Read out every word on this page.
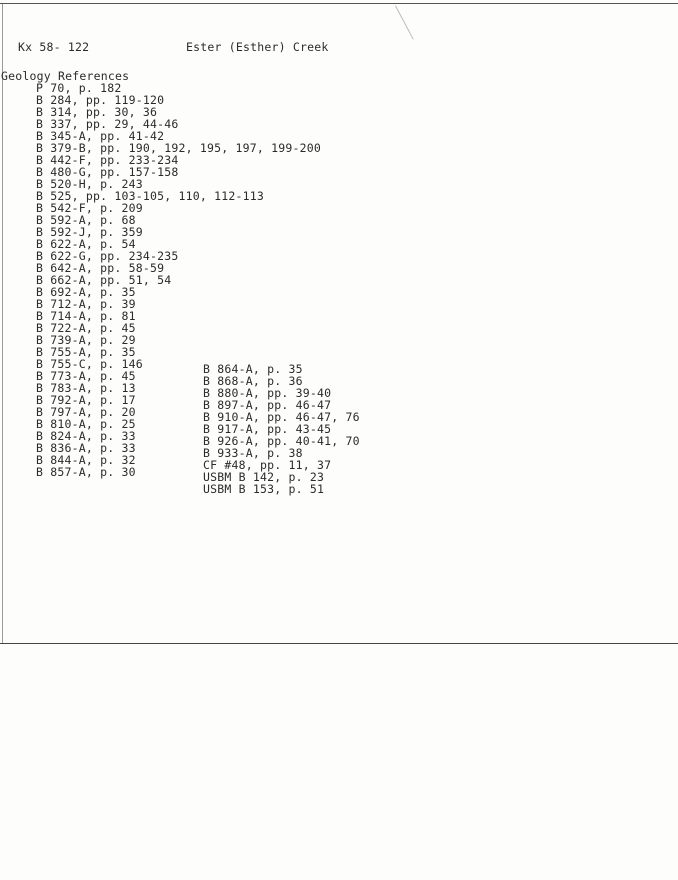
Kx 58- 122	Ester (Esther) Creek
Geology References
P 70, p. 182
B 284, pp. 119-120
B 314, pp. 30, 36
B 337, pp. 29, 44-46
B 345-A, pp. 41-42
B 379-B, pp. 190, 192, 195, 197, 199-200
B 442-F, pp. 233-234
B 480-G, pp. 157-158
B 520-H, p. 243
B 525, pp. 103-105, 110, 112-113
B 542-F, p. 209
B 592-A, p. 68
B 592-J, p. 359
B 622-A, p. 54
B 622-G, pp. 234-235
B 642-A, pp. 58-59
B 662-A, pp. 51, 54
B 692-A, p. 35
B 712-A, p. 39
B 714-A, p. 81
B 722-A, p. 45
B 739-A, p. 29
B 755-A, p. 35
B 755-C, p. 146
B 773-A, p. 45
B 783-A, p. 13
B 792-A, p. 17
B 797-A, p. 20
B 810-A, p. 25
B 824-A, p. 33
B 836-A, p. 33
B 844-A, p. 32
B 857-A, p. 30
B 864-A, p. 35
B 868-A, p. 36
B 880-A, pp. 39-40
B 897-A, pp. 46-47
B 910-A, pp. 46-47, 76
B 917-A, pp. 43-45
B 926-A, pp. 40-41, 70
B 933-A, p. 38
CF #48, pp. 11, 37
USBM B 142, p. 23
USBM B 153, p. 51
